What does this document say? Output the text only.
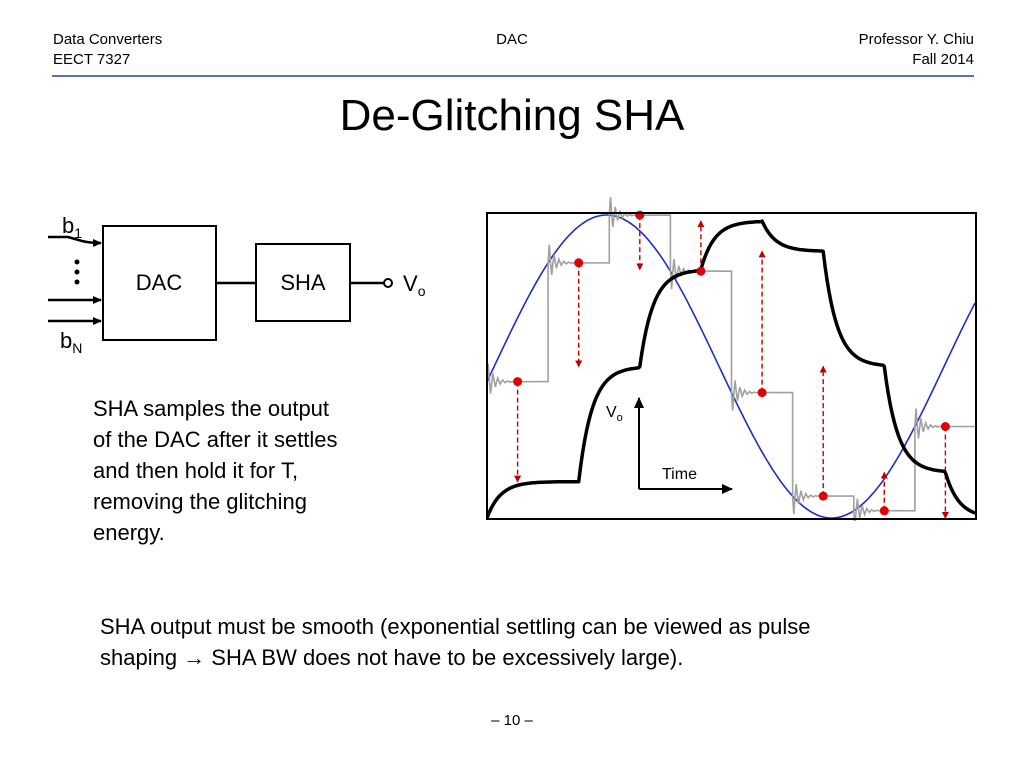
Data Converters
EECT 7327
DAC	Professor Y. Chiu
Fall 2014
De-Glitching SHA
$b_1$
$b_N$
DAC	SHA	$V_o$
$V_o$
Time
SHA samples the output
of the DAC after it settles
and then hold it for T,
removing the glitching
energy.
SHA output must be smooth (exponential settling can be viewed as pulse
shaping → SHA BW does not have to be excessively large).
– 10 –
